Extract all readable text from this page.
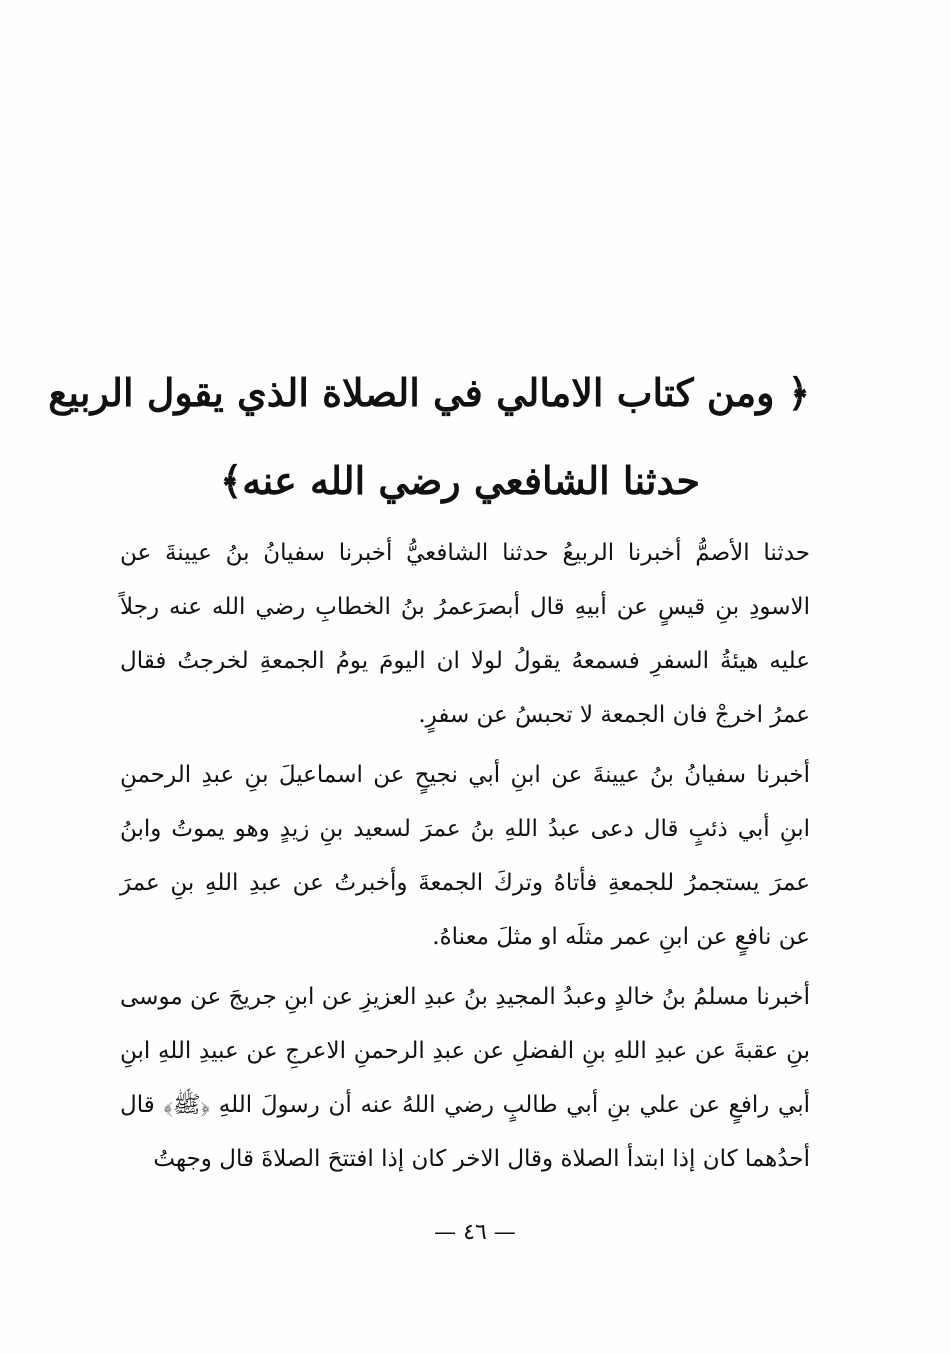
﴿ ومن كتاب الامالي في الصلاة الذي يقول الربيع
حدثنا الشافعي رضي الله عنه﴾
حدثنا الأصمُّ أخبرنا الربيعُ حدثنا الشافعيُّ أخبرنا سفيانُ بنُ عيينةَ عن الاسودِ بنِ قيسٍ عن أبيهِ قال أبصرَعمرُ بنُ الخطابِ رضي الله عنه رجلاً عليه هيئةُ السفرِ فسمعهُ يقولُ لولا ان اليومَ يومُ الجمعةِ لخرجتُ فقال عمرُ اخرجْ فان الجمعة لا تحبسُ عن سفرٍ.
أخبرنا سفيانُ بنُ عيينةَ عن ابنِ أبي نجيحٍ عن اسماعيلَ بنِ عبدِ الرحمنِ ابنِ أبي ذئبٍ قال دعى عبدُ اللهِ بنُ عمرَ لسعيد بنِ زيدٍ وهو يموتُ وابنُ عمرَ يستجمرُ للجمعةِ فأتاهُ وتركَ الجمعةَ وأخبرتُ عن عبدِ اللهِ بنِ عمرَ عن نافعٍ عن ابنِ عمر مثلَه او مثلَ معناهُ.
أخبرنا مسلمُ بنُ خالدٍ وعبدُ المجيدِ بنُ عبدِ العزيزِ عن ابنِ جريجَ عن موسى بنِ عقبةَ عن عبدِ اللهِ بنِ الفضلِ عن عبدِ الرحمنِ الاعرجِ عن عبيدِ اللهِ ابنِ أبي رافعٍ عن علي بنِ أبي طالبٍ رضي اللهُ عنه أن رسولَ اللهِ ﴿ﷺ﴾ قال أحدُهما كان إذا ابتدأ الصلاة وقال الاخر كان إذا افتتحَ الصلاةَ قال وجهتُ
— ٤٦ —
